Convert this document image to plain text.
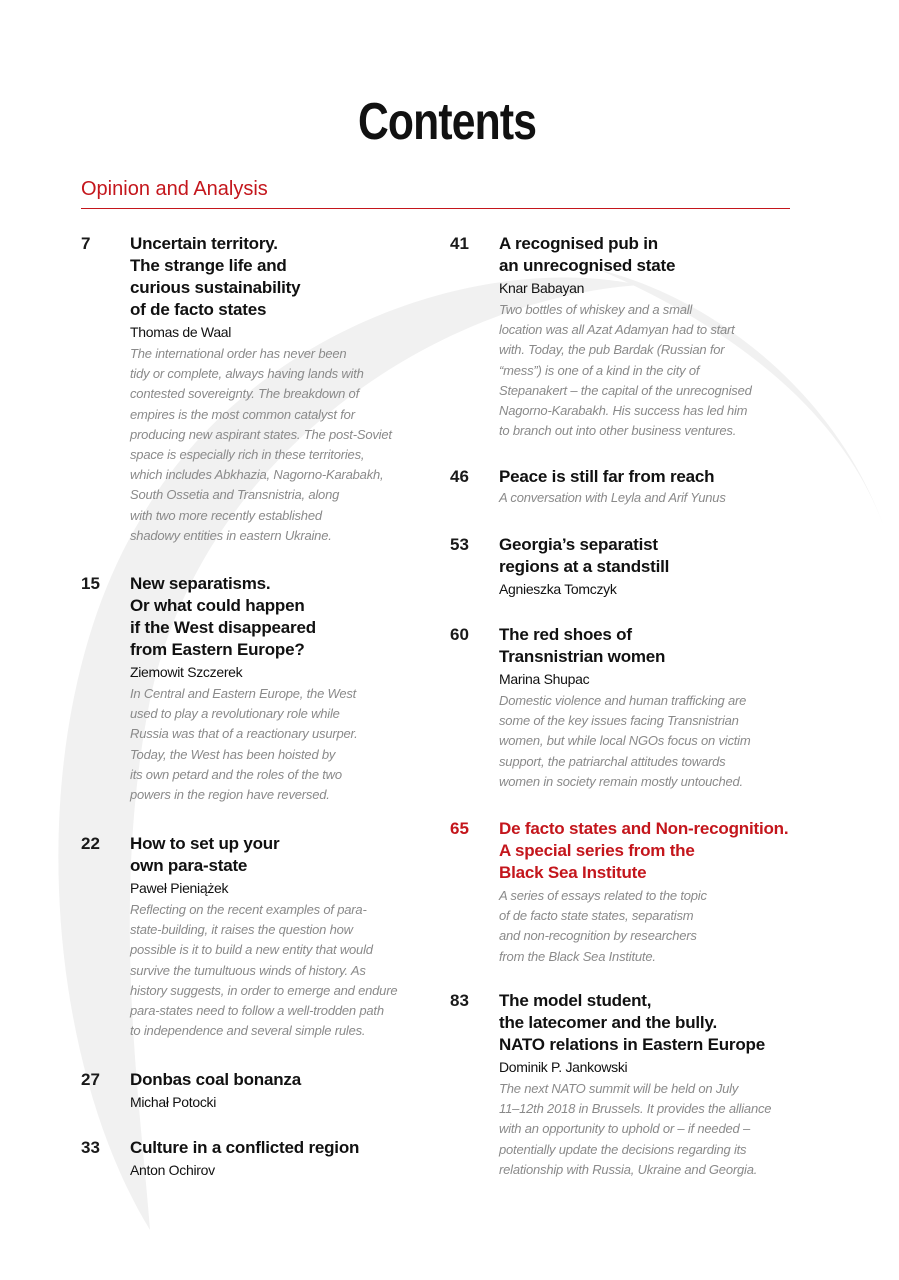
Contents
Opinion and Analysis
7 Uncertain territory.
The strange life and
curious sustainability
of de facto states
Thomas de Waal
The international order has never been
tidy or complete, always having lands with
contested sovereignty. The breakdown of
empires is the most common catalyst for
producing new aspirant states. The post-Soviet
space is especially rich in these territories,
which includes Abkhazia, Nagorno-Karabakh,
South Ossetia and Transnistria, along
with two more recently established
shadowy entities in eastern Ukraine.
15 New separatisms.
Or what could happen
if the West disappeared
from Eastern Europe?
Ziemowit Szczerek
In Central and Eastern Europe, the West
used to play a revolutionary role while
Russia was that of a reactionary usurper.
Today, the West has been hoisted by
its own petard and the roles of the two
powers in the region have reversed.
22 How to set up your
own para-state
Paweł Pieniążek
Reflecting on the recent examples of para-
state-building, it raises the question how
possible is it to build a new entity that would
survive the tumultuous winds of history. As
history suggests, in order to emerge and endure
para-states need to follow a well-trodden path
to independence and several simple rules.
27 Donbas coal bonanza
Michał Potocki
33 Culture in a conflicted region
Anton Ochirov
41 A recognised pub in
an unrecognised state
Knar Babayan
Two bottles of whiskey and a small
location was all Azat Adamyan had to start
with. Today, the pub Bardak (Russian for
“mess”) is one of a kind in the city of
Stepanakert – the capital of the unrecognised
Nagorno-Karabakh. His success has led him
to branch out into other business ventures.
46 Peace is still far from reach
A conversation with Leyla and Arif Yunus
53 Georgia’s separatist
regions at a standstill
Agnieszka Tomczyk
60 The red shoes of
Transnistrian women
Marina Shupac
Domestic violence and human trafficking are
some of the key issues facing Transnistrian
women, but while local NGOs focus on victim
support, the patriarchal attitudes towards
women in society remain mostly untouched.
65 De facto states and Non-recognition.
A special series from the
Black Sea Institute
A series of essays related to the topic
of de facto state states, separatism
and non-recognition by researchers
from the Black Sea Institute.
83 The model student,
the latecomer and the bully.
NATO relations in Eastern Europe
Dominik P. Jankowski
The next NATO summit will be held on July
11–12th 2018 in Brussels. It provides the alliance
with an opportunity to uphold or – if needed –
potentially update the decisions regarding its
relationship with Russia, Ukraine and Georgia.
